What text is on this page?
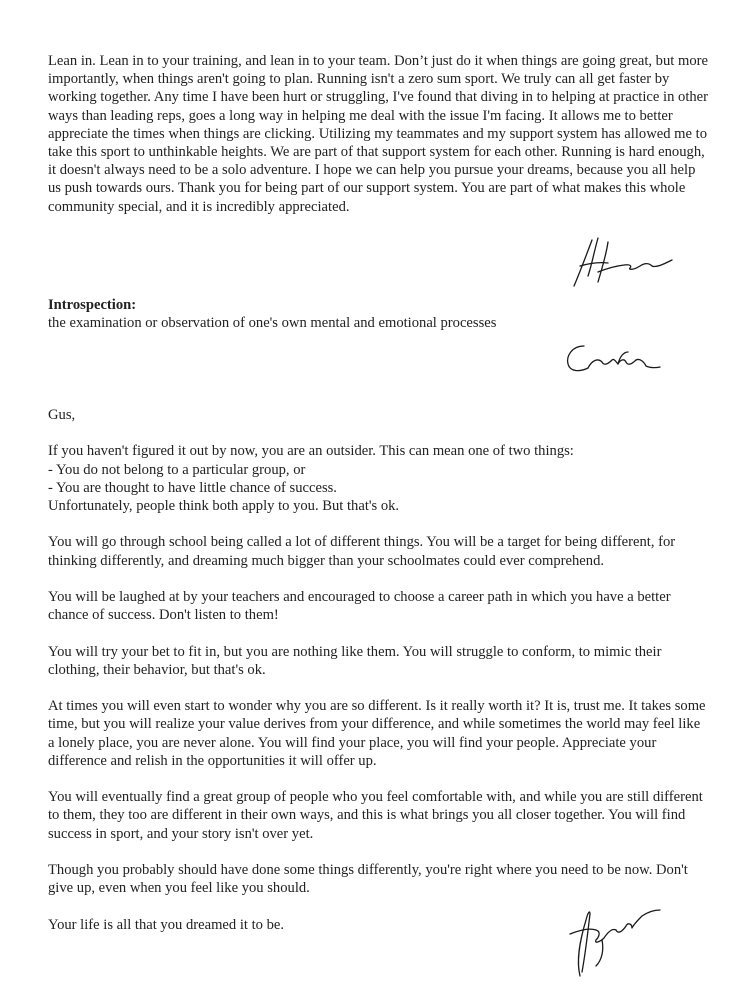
Lean in. Lean in to your training, and lean in to your team. Don’t just do it when things are going great, but more importantly, when things aren't going to plan. Running isn't a zero sum sport. We truly can all get faster by working together. Any time I have been hurt or struggling, I've found that diving in to helping at practice in other ways than leading reps, goes a long way in helping me deal with the issue I'm facing. It allows me to better appreciate the times when things are clicking. Utilizing my teammates and my support system has allowed me to take this sport to unthinkable heights. We are part of that support system for each other. Running is hard enough, it doesn't always need to be a solo adventure. I hope we can help you pursue your dreams, because you all help us push towards ours. Thank you for being part of our support system. You are part of what makes this whole community special, and it is incredibly appreciated.

Introspection:

the examination or observation of one's own mental and emotional processes

Gus,

If you haven't figured it out by now, you are an outsider. This can mean one of two things:
- You do not belong to a particular group, or
- You are thought to have little chance of success.
Unfortunately, people think both apply to you. But that's ok.

You will go through school being called a lot of different things. You will be a target for being different, for thinking differently, and dreaming much bigger than your schoolmates could ever comprehend.

You will be laughed at by your teachers and encouraged to choose a career path in which you have a better chance of success. Don't listen to them!

You will try your bet to fit in, but you are nothing like them. You will struggle to conform, to mimic their clothing, their behavior, but that's ok.

At times you will even start to wonder why you are so different. Is it really worth it? It is, trust me. It takes some time, but you will realize your value derives from your difference, and while sometimes the world may feel like a lonely place, you are never alone. You will find your place, you will find your people. Appreciate your difference and relish in the opportunities it will offer up.

You will eventually find a great group of people who you feel comfortable with, and while you are still different to them, they too are different in their own ways, and this is what brings you all closer together. You will find success in sport, and your story isn't over yet.

Though you probably should have done some things differently, you're right where you need to be now. Don't give up, even when you feel like you should.

Your life is all that you dreamed it to be.
